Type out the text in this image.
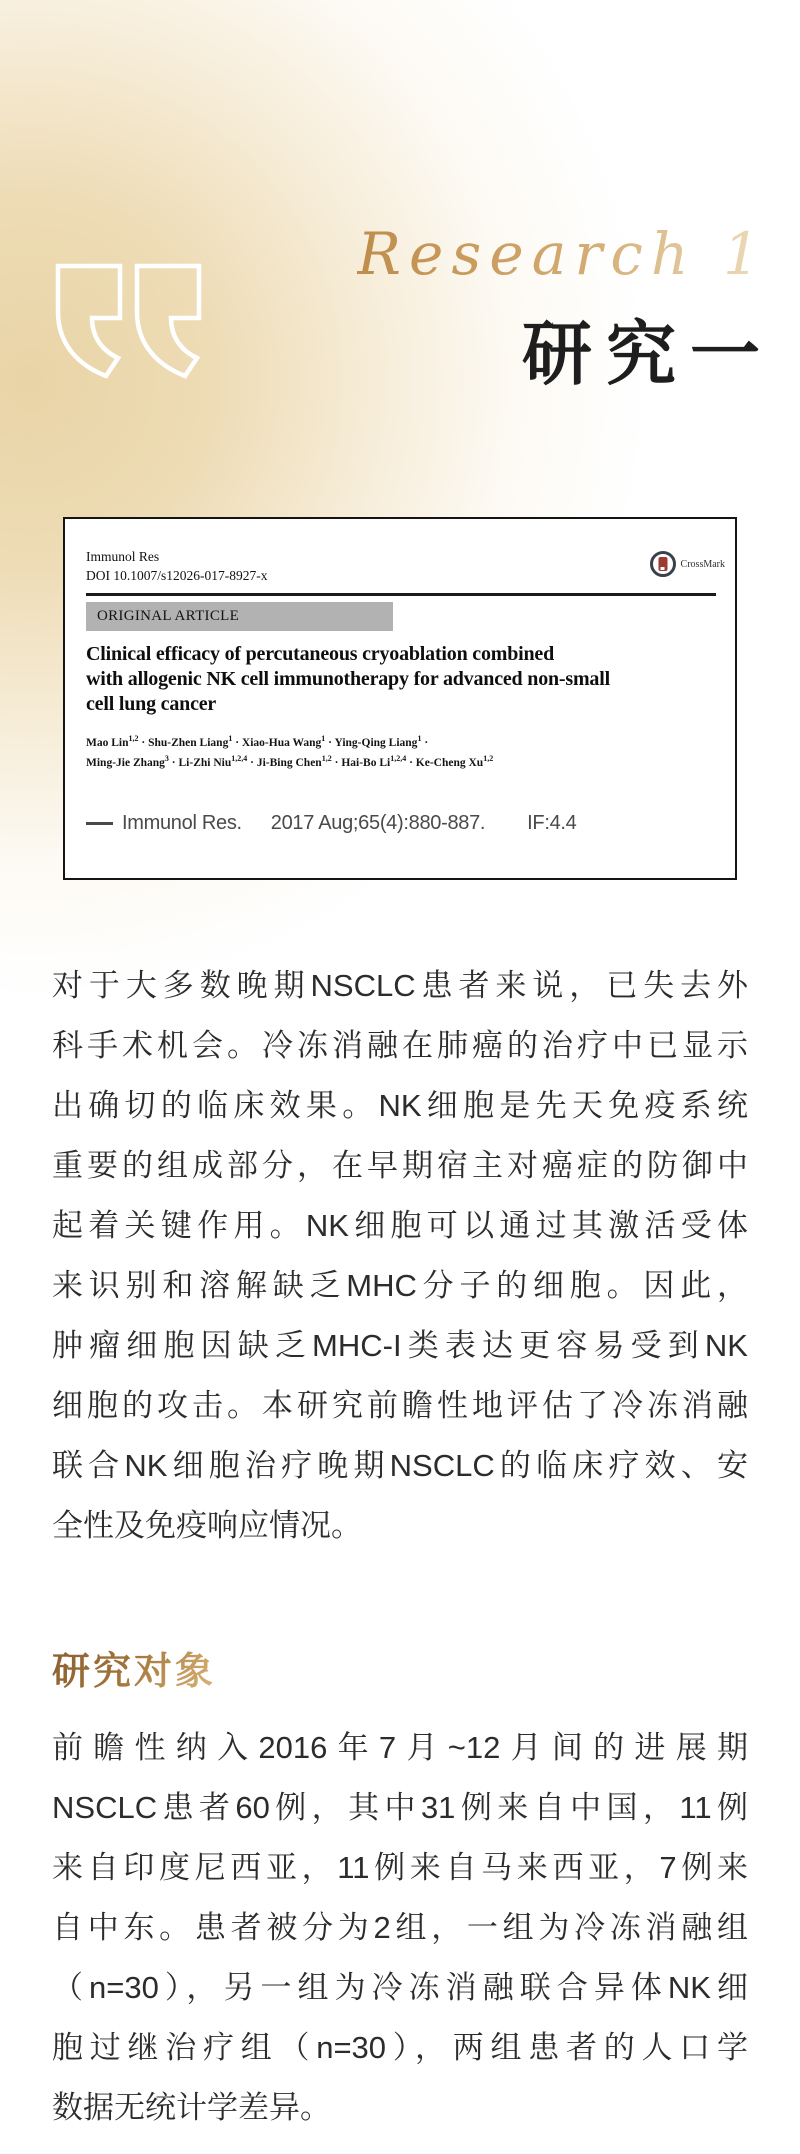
Research 1
研究一
Immunol Res
DOI 10.1007/s12026-017-8927-x
CrossMark
ORIGINAL ARTICLE
Clinical efficacy of percutaneous cryoablation combined
with allogenic NK cell immunotherapy for advanced non-small
cell lung cancer
Mao Lin$^{1,2}$ · Shu-Zhen Liang$^1$ · Xiao-Hua Wang$^1$ · Ying-Qing Liang$^1$ ·
Ming-Jie Zhang$^3$ · Li-Zhi Niu$^{1,2,4}$ · Ji-Bing Chen$^{1,2}$ · Hai-Bo Li$^{1,2,4}$ · Ke-Cheng Xu$^{1,2}$
Immunol Res. 2017 Aug;65(4):880-887. IF:4.4
对于大多数晚期NSCLC患者来说，已失去外
科手术机会。冷冻消融在肺癌的治疗中已显示
出确切的临床效果。NK细胞是先天免疫系统
重要的组成部分，在早期宿主对癌症的防御中
起着关键作用。NK细胞可以通过其激活受体
来识别和溶解缺乏MHC分子的细胞。因此，
肿瘤细胞因缺乏MHC-I类表达更容易受到NK
细胞的攻击。本研究前瞻性地评估了冷冻消融
联合NK细胞治疗晚期NSCLC的临床疗效、安
全性及免疫响应情况。
研究对象
前瞻性纳入2016年7月~12月间的进展期
NSCLC患者60例，其中31例来自中国，11例
来自印度尼西亚，11例来自马来西亚，7例来
自中东。患者被分为2组，一组为冷冻消融组
（n=30），另一组为冷冻消融联合异体NK细
胞过继治疗组（n=30），两组患者的人口学
数据无统计学差异。
